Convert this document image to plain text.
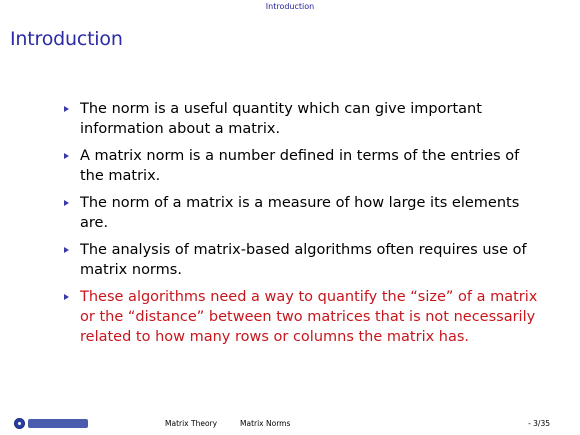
Introduction
Introduction
The norm is a useful quantity which can give important information about a matrix.
A matrix norm is a number defined in terms of the entries of the matrix.
The norm of a matrix is a measure of how large its elements are.
The analysis of matrix-based algorithms often requires use of matrix norms.
These algorithms need a way to quantify the “size” of a matrix or the “distance” between two matrices that is not necessarily related to how many rows or columns the matrix has.
Matrix Theory	Matrix Norms	- 3/35
